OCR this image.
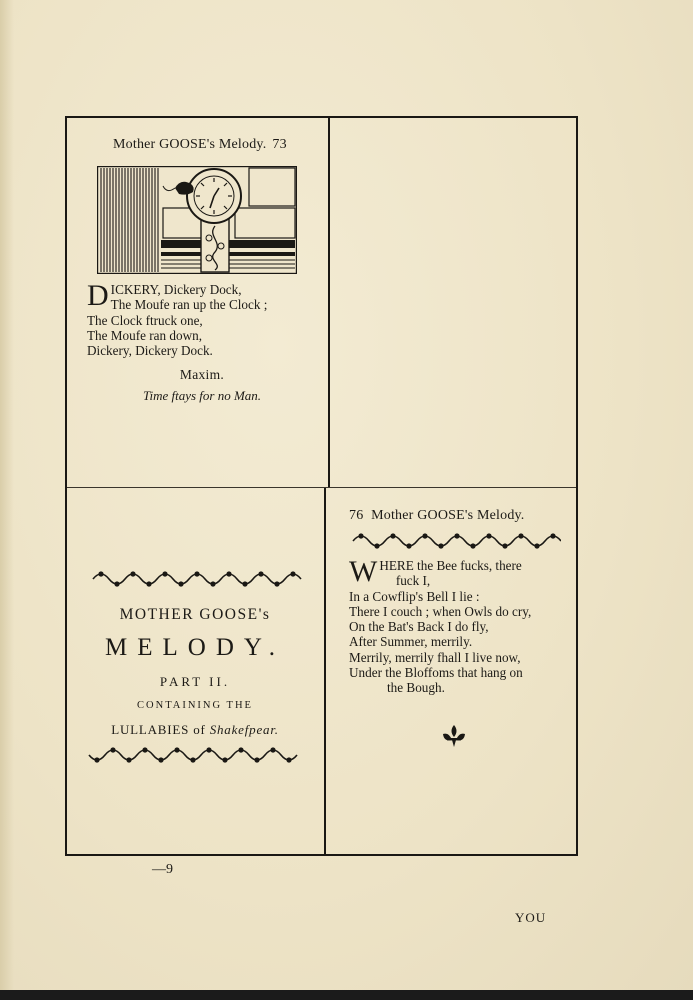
Mother GOOSE's Melody. 73
D ICKERY, Dickery Dock,
The Moufe ran up the Clock ;
The Clock ftruck one,
The Moufe ran down,
Dickery, Dickery Dock.
Maxim.
Time ftays for no Man.
MOTHER GOOSE's
MELODY.
PART II.
CONTAINING THE
LULLABIES of Shakefpear.
76 Mother GOOSE's Melody.
W HERE the Bee fucks, there
fuck I,
In a Cowflip's Bell I lie :
There I couch ; when Owls do cry,
On the Bat's Back I do fly,
After Summer, merrily.
Merrily, merrily fhall I live now,
Under the Bloffoms that hang on
the Bough.
YOU
—9
